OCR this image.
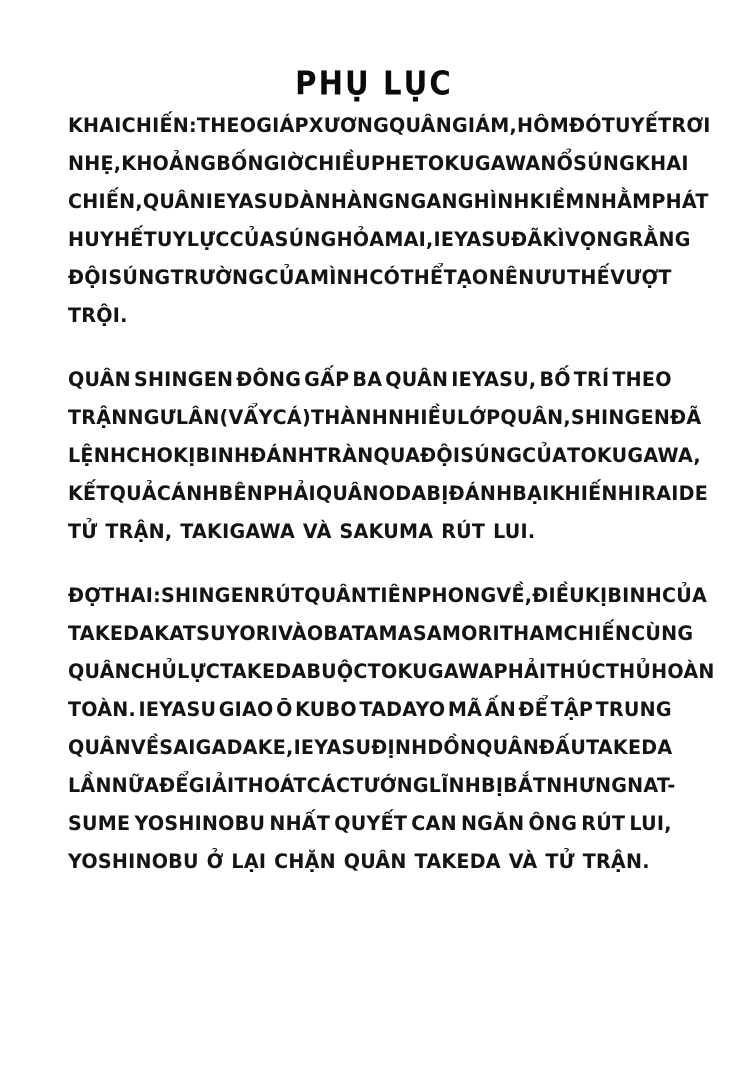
PHỤ LỤC
KHAI CHIẾN: THEO GIÁP XƯƠNG QUÂN GIÁM, HÔM ĐÓ TUYẾT RƠI
NHẸ, KHOẢNG BỐN GIỜ CHIỀU PHE TOKUGAWA NỔ SÚNG KHAI
CHIẾN, QUÂN IEYASU DÀN HÀNG NGANG HÌNH KIỀM NHẰM PHÁT
HUY HẾT UY LỰC CỦA SÚNG HỎA MAI, IEYASU ĐÃ KÌ VỌNG RẰNG
ĐỘI SÚNG TRƯỜNG CỦA MÌNH CÓ THỂ TẠO NÊN ƯU THẾ VƯỢT
TRỘI.
QUÂN SHINGEN ĐÔNG GẤP BA QUÂN IEYASU, BỐ TRÍ THEO
TRẬN NGƯ LÂN (VẨY CÁ) THÀNH NHIỀU LỚP QUÂN, SHINGEN ĐÃ
LỆNH CHO KỊ BINH ĐÁNH TRÀN QUA ĐỘI SÚNG CỦA TOKUGAWA,
KẾT QUẢ CÁNH BÊN PHẢI QUÂN ODA BỊ ĐÁNH BẠI KHIẾN HIRAIDE
TỬ TRẬN, TAKIGAWA VÀ SAKUMA RÚT LUI.
ĐỢT HAI: SHINGEN RÚT QUÂN TIÊN PHONG VỀ, ĐIỀU KỊ BINH CỦA
TAKEDA KATSUYORI VÀ OBATA MASAMORI THAM CHIẾN CÙNG
QUÂN CHỦ LỰC TAKEDA BUỘC TOKUGAWA PHẢI THÚC THỦ HOÀN
TOÀN. IEYASU GIAO Ō KUBO TADAYO MÃ ẤN ĐỂ TẬP TRUNG
QUÂN VỀ SAIGADAKE, IEYASU ĐỊNH DỒN QUÂN ĐẤU TAKEDA
LẦN NỮA ĐỂ GIẢI THOÁT CÁC TƯỚNG LĨNH BỊ BẮT NHƯNG NAT-
SUME YOSHINOBU NHẤT QUYẾT CAN NGĂN ÔNG RÚT LUI,
YOSHINOBU Ở LẠI CHẶN QUÂN TAKEDA VÀ TỬ TRẬN.
